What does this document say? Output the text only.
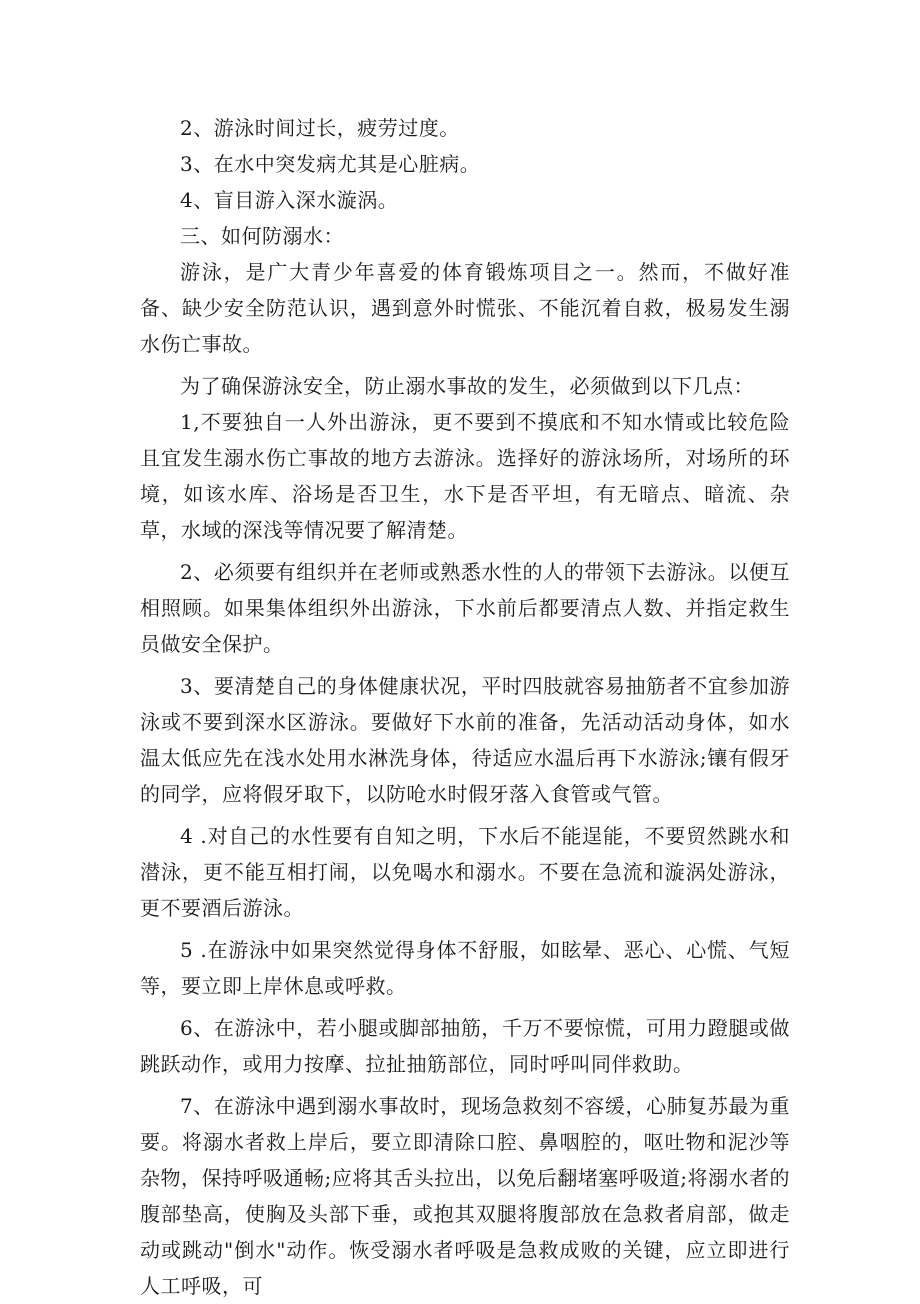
2、游泳时间过长，疲劳过度。

3、在水中突发病尤其是心脏病。

4、盲目游入深水漩涡。

三、如何防溺水：

游泳，是广大青少年喜爱的体育锻炼项目之一。然而，不做好准备、缺少安全防范认识，遇到意外时慌张、不能沉着自救，极易发生溺水伤亡事故。

为了确保游泳安全，防止溺水事故的发生，必须做到以下几点：

1,不要独自一人外出游泳，更不要到不摸底和不知水情或比较危险且宜发生溺水伤亡事故的地方去游泳。选择好的游泳场所，对场所的环境，如该水库、浴场是否卫生，水下是否平坦，有无暗点、暗流、杂草，水域的深浅等情况要了解清楚。

2、必须要有组织并在老师或熟悉水性的人的带领下去游泳。以便互相照顾。如果集体组织外出游泳，下水前后都要清点人数、并指定救生员做安全保护。

3、要清楚自己的身体健康状况，平时四肢就容易抽筋者不宜参加游泳或不要到深水区游泳。要做好下水前的准备，先活动活动身体，如水温太低应先在浅水处用水淋洗身体，待适应水温后再下水游泳;镶有假牙的同学，应将假牙取下，以防呛水时假牙落入食管或气管。

4 .对自己的水性要有自知之明，下水后不能逞能，不要贸然跳水和潜泳，更不能互相打闹，以免喝水和溺水。不要在急流和漩涡处游泳，更不要酒后游泳。

5 .在游泳中如果突然觉得身体不舒服，如眩晕、恶心、心慌、气短等，要立即上岸休息或呼救。

6、在游泳中，若小腿或脚部抽筋，千万不要惊慌，可用力蹬腿或做跳跃动作，或用力按摩、拉扯抽筋部位，同时呼叫同伴救助。

7、在游泳中遇到溺水事故时，现场急救刻不容缓，心肺复苏最为重要。将溺水者救上岸后，要立即清除口腔、鼻咽腔的，呕吐物和泥沙等杂物，保持呼吸通畅;应将其舌头拉出，以免后翻堵塞呼吸道;将溺水者的腹部垫高，使胸及头部下垂，或抱其双腿将腹部放在急救者肩部，做走动或跳动"倒水"动作。恢受溺水者呼吸是急救成败的关键，应立即进行人工呼吸，可
